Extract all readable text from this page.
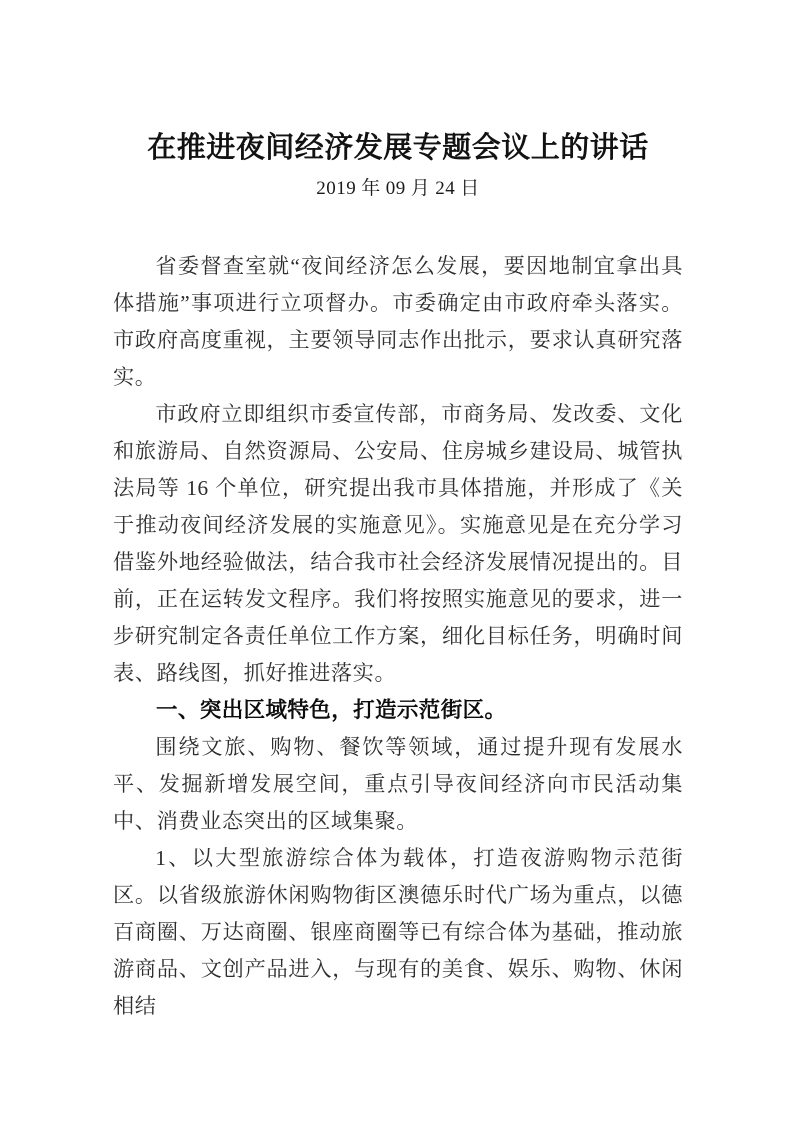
在推进夜间经济发展专题会议上的讲话
2019 年 09 月 24 日

省委督查室就“夜间经济怎么发展，要因地制宜拿出具体措施”事项进行立项督办。市委确定由市政府牵头落实。市政府高度重视，主要领导同志作出批示，要求认真研究落实。

市政府立即组织市委宣传部，市商务局、发改委、文化和旅游局、自然资源局、公安局、住房城乡建设局、城管执法局等 16 个单位，研究提出我市具体措施，并形成了《关于推动夜间经济发展的实施意见》。实施意见是在充分学习借鉴外地经验做法，结合我市社会经济发展情况提出的。目前，正在运转发文程序。我们将按照实施意见的要求，进一步研究制定各责任单位工作方案，细化目标任务，明确时间表、路线图，抓好推进落实。

一、突出区域特色，打造示范街区。

围绕文旅、购物、餐饮等领域，通过提升现有发展水平、发掘新增发展空间，重点引导夜间经济向市民活动集中、消费业态突出的区域集聚。

1、以大型旅游综合体为载体，打造夜游购物示范街区。以省级旅游休闲购物街区澳德乐时代广场为重点，以德百商圈、万达商圈、银座商圈等已有综合体为基础，推动旅游商品、文创产品进入，与现有的美食、娱乐、购物、休闲相结
